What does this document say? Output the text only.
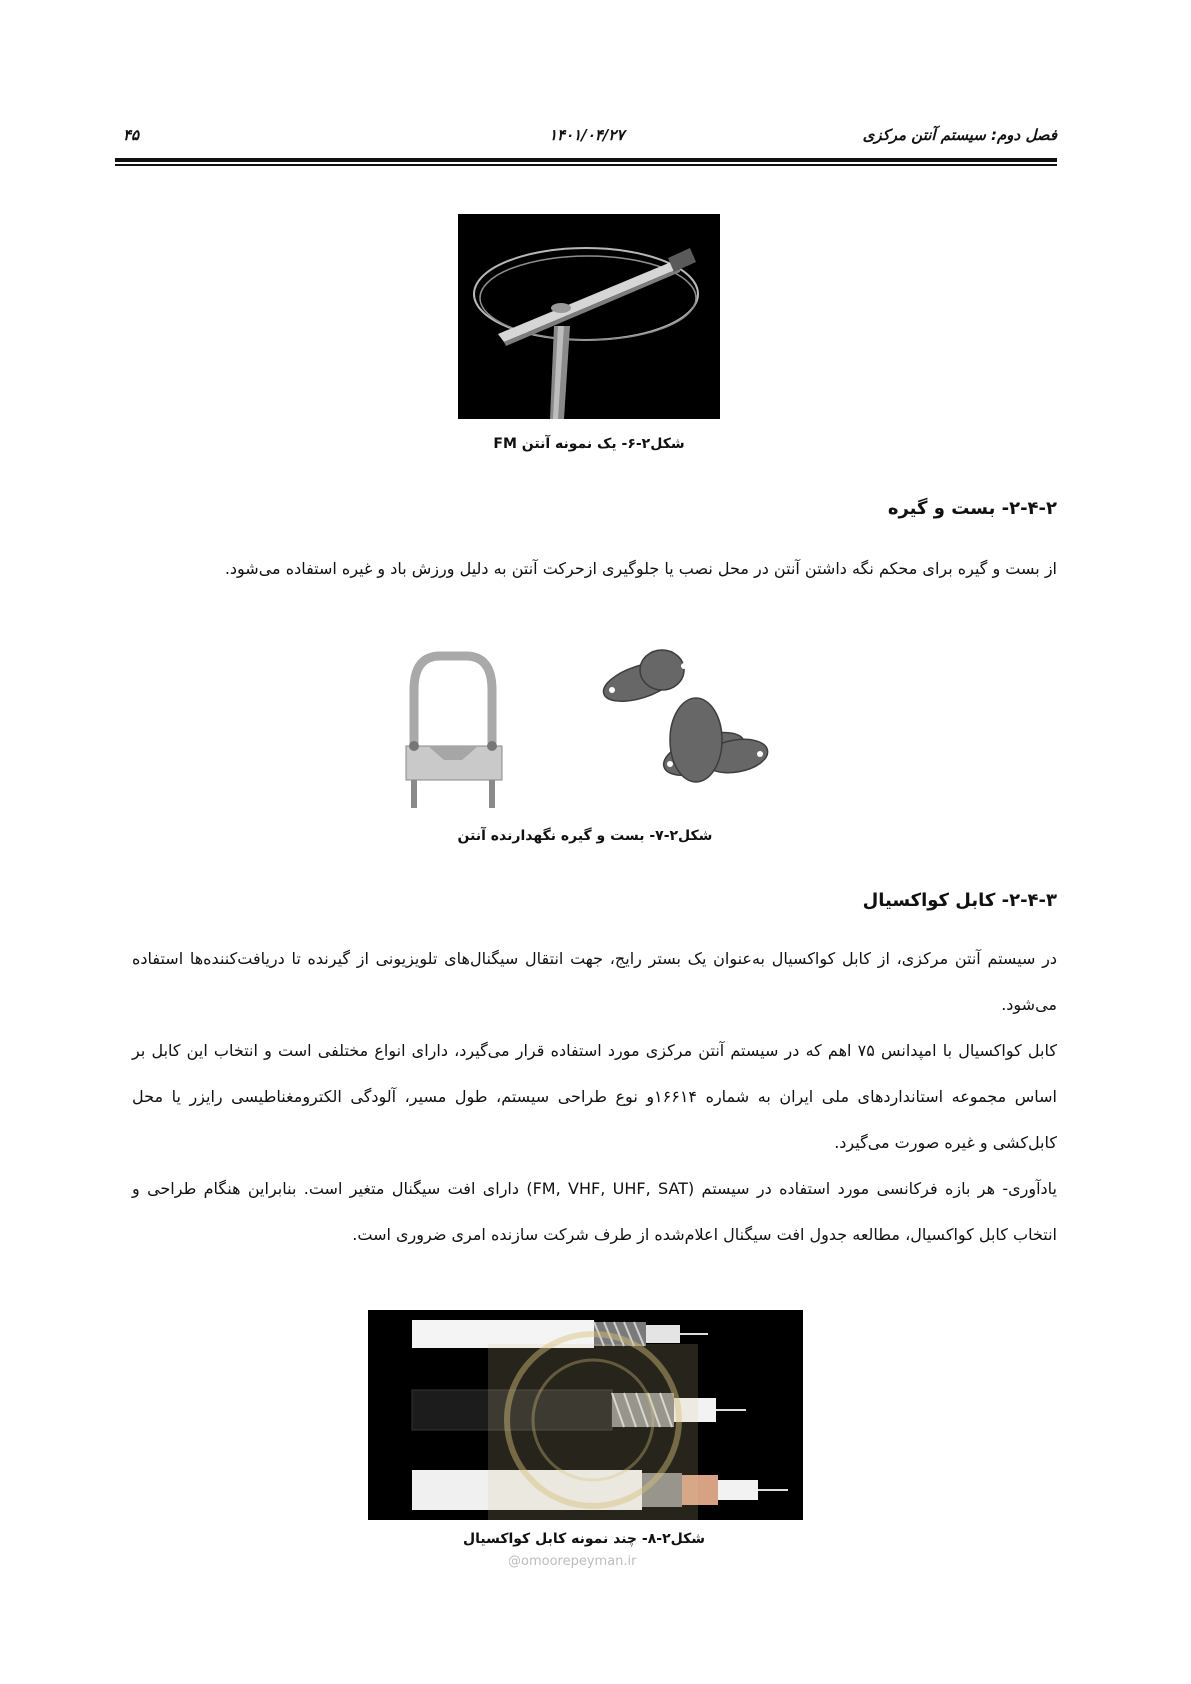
فصل دوم: سیستم آنتن مرکزی
۱۴۰۱/۰۴/۲۷
۴۵
شکل۲-۶- یک نمونه آنتن FM
۲-۴-۲- بست و گیره
از بست و گیره برای محکم نگه داشتن آنتن در محل نصب یا جلوگیری ازحرکت آنتن به دلیل ورزش باد و غیره استفاده می‌شود.
شکل۲-۷- بست و گیره نگهدارنده آنتن
۲-۴-۳- کابل کواکسیال
در سیستم آنتن مرکزی، از کابل کواکسیال به‌عنوان یک بستر رایج، جهت انتقال سیگنال‌های تلویزیونی از گیرنده تا دریافت‌کننده‌ها استفاده می‌شود.
کابل کواکسیال با امپدانس ۷۵ اهم که در سیستم آنتن مرکزی مورد استفاده قرار می‌گیرد، دارای انواع مختلفی است و انتخاب این کابل بر اساس مجموعه استانداردهای ملی ایران به شماره ۱۶۶۱۴و نوع طراحی سیستم، طول مسیر، آلودگی الکترومغناطیسی رایزر یا محل کابل‌کشی و غیره صورت می‌گیرد.
یادآوری- هر بازه فرکانسی مورد استفاده در سیستم (FM, VHF, UHF, SAT) دارای افت سیگنال متغیر است. بنابراین هنگام طراحی و انتخاب کابل کواکسیال، مطالعه جدول افت سیگنال اعلام‌شده از طرف شرکت سازنده امری ضروری است.
شکل۲-۸- چند نمونه کابل کواکسیال
@omoorepeyman.ir
